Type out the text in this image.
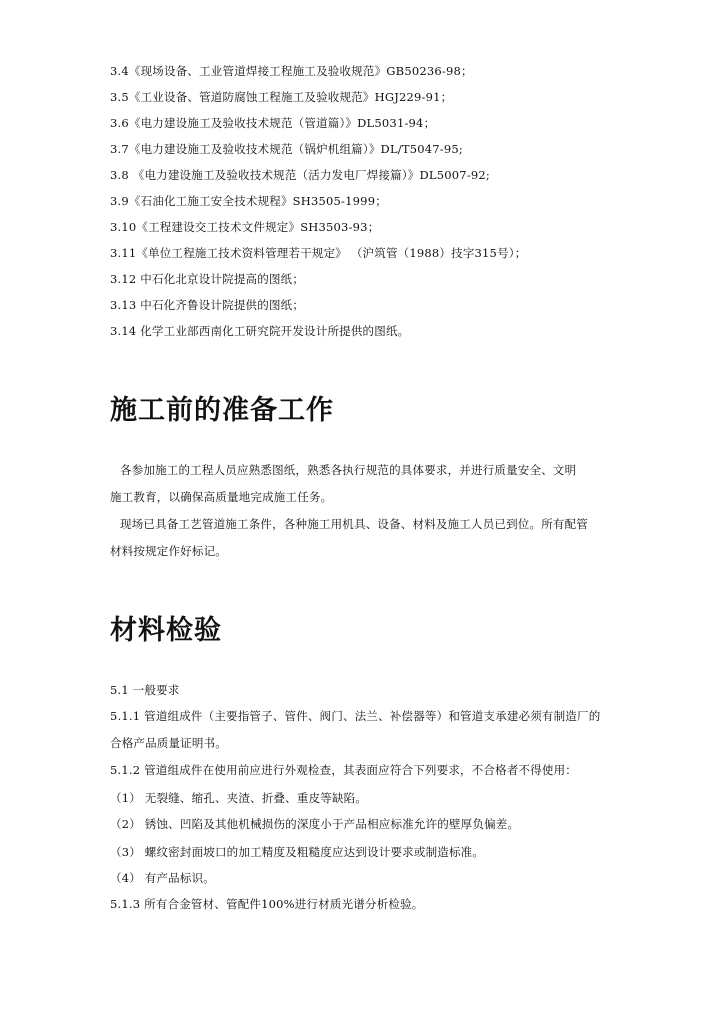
3.4《现场设备、工业管道焊接工程施工及验收规范》GB50236-98；
3.5《工业设备、管道防腐蚀工程施工及验收规范》HGJ229-91；
3.6《电力建设施工及验收技术规范（管道篇）》DL5031-94；
3.7《电力建设施工及验收技术规范（锅炉机组篇）》DL/T5047-95;
3.8 《电力建设施工及验收技术规范（活力发电厂焊接篇）》DL5007-92;
3.9《石油化工施工安全技术规程》SH3505-1999；
3.10《工程建设交工技术文件规定》SH3503-93；
3.11《单位工程施工技术资料管理若干规定》 （沪筑管（1988）技字315号）；
3.12 中石化北京设计院提高的图纸；
3.13 中石化齐鲁设计院提供的图纸；
3.14 化学工业部西南化工研究院开发设计所提供的图纸。
施工前的准备工作
各参加施工的工程人员应熟悉图纸，熟悉各执行规范的具体要求，并进行质量安全、文明
施工教育，以确保高质量地完成施工任务。
现场已具备工艺管道施工条件，各种施工用机具、设备、材料及施工人员已到位。所有配管
材料按规定作好标记。
材料检验
5.1 一般要求
5.1.1 管道组成件（主要指管子、管件、阀门、法兰、补偿器等）和管道支承建必须有制造厂的
合格产品质量证明书。
5.1.2 管道组成件在使用前应进行外观检查，其表面应符合下列要求，不合格者不得使用：
（1） 无裂缝、缩孔、夹渣、折叠、重皮等缺陷。
（2） 锈蚀、凹陷及其他机械损伤的深度小于产品相应标准允许的壁厚负偏差。
（3） 螺纹密封面坡口的加工精度及粗糙度应达到设计要求或制造标准。
（4） 有产品标识。
5.1.3 所有合金管材、管配件100%进行材质光谱分析检验。
